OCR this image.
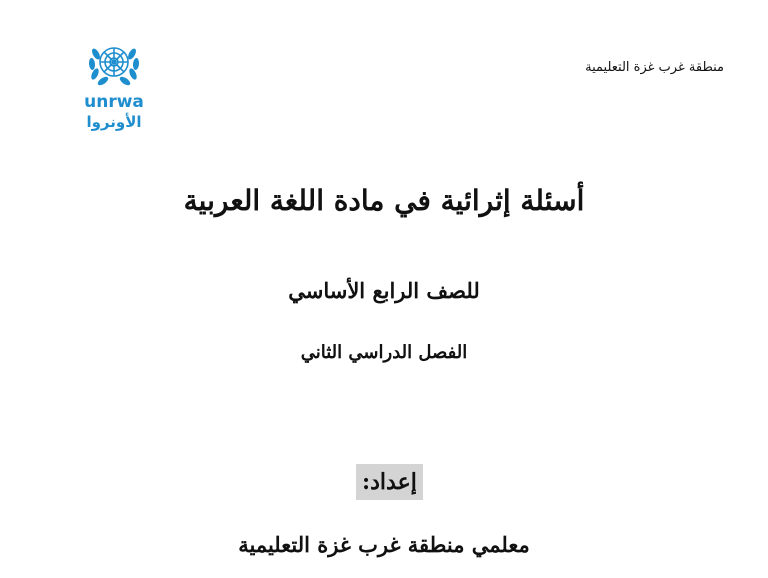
unrwa
الأونروا
منطقة غرب غزة التعليمية
أسئلة إثرائية في مادة اللغة العربية
للصف الرابع الأساسي
الفصل الدراسي الثاني
إعداد:
معلمي منطقة غرب غزة التعليمية
